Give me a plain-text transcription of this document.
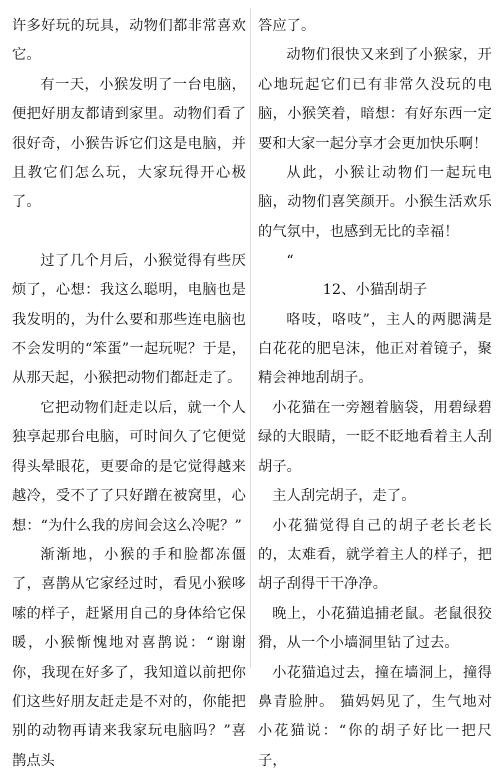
许多好玩的玩具，动物们都非常喜欢它。

有一天，小猴发明了一台电脑，便把好朋友都请到家里。动物们看了很好奇，小猴告诉它们这是电脑，并且教它们怎么玩，大家玩得开心极了。

过了几个月后，小猴觉得有些厌烦了，心想：我这么聪明，电脑也是我发明的，为什么要和那些连电脑也不会发明的“笨蛋”一起玩呢？于是，从那天起，小猴把动物们都赶走了。

它把动物们赶走以后，就一个人独享起那台电脑，可时间久了它便觉得头晕眼花，更要命的是它觉得越来越冷，受不了了只好蹭在被窝里，心想：“为什么我的房间会这么冷呢？”

渐渐地，小猴的手和脸都冻僵了，喜鹊从它家经过时，看见小猴哆嗦的样子，赶紧用自己的身体给它保暖，小猴惭愧地对喜鹊说：“谢谢你，我现在好多了，我知道以前把你们这些好朋友赶走是不对的，你能把别的动物再请来我家玩电脑吗？”喜鹊点头

答应了。

动物们很快又来到了小猴家，开心地玩起它们已有非常久没玩的电脑，小猴笑着，暗想：有好东西一定要和大家一起分享才会更加快乐啊！

从此，小猴让动物们一起玩电脑，动物们喜笑颜开。小猴生活欢乐的气氛中，也感到无比的幸福！

“

12、小猫刮胡子

咯吱，咯吱”，主人的两腮满是白花花的肥皂沫，他正对着镜子，聚精会神地刮胡子。

小花猫在一旁翘着脑袋，用碧绿碧绿的大眼睛，一眨不眨地看着主人刮胡子。

主人刮完胡子，走了。

小花猫觉得自己的胡子老长老长的，太难看，就学着主人的样子，把胡子刮得干干净净。

晚上，小花猫追捕老鼠。老鼠很狡猾，从一个小墙洞里钻了过去。

小花猫追过去，撞在墙洞上，撞得鼻青脸肿。 猫妈妈见了，生气地对小花猫说：“你的胡子好比一把尺子，
